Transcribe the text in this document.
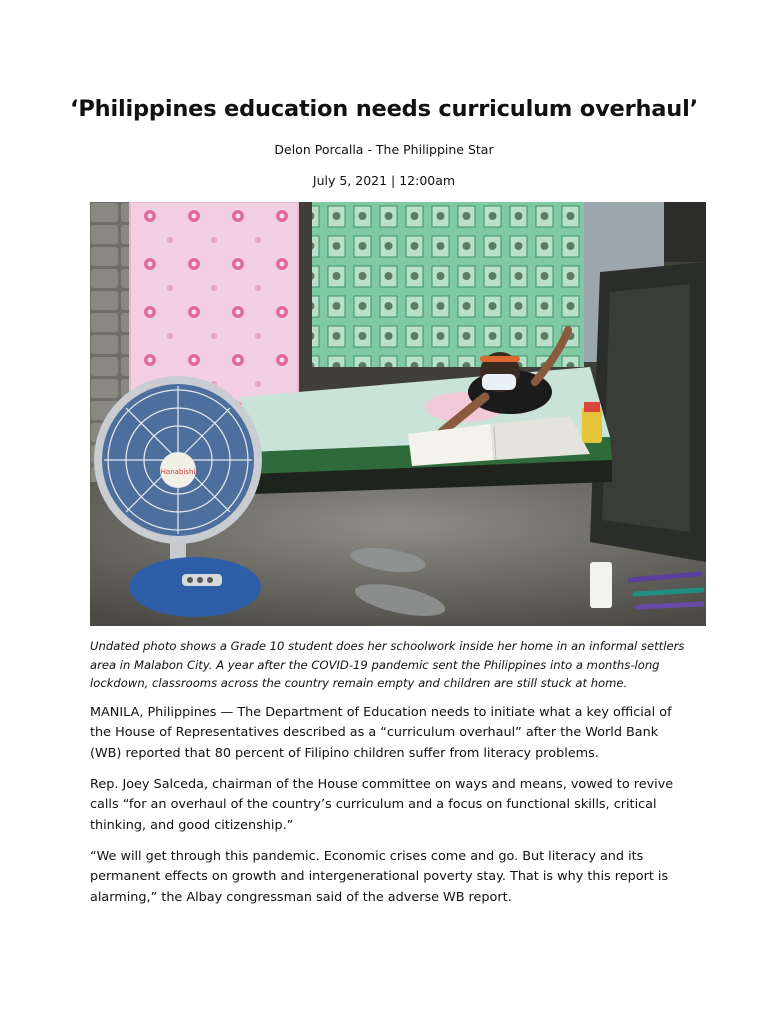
‘Philippines education needs curriculum overhaul’
Delon Porcalla - The Philippine Star
July 5, 2021 | 12:00am
Hanabishi

Undated photo shows a Grade 10 student does her schoolwork inside her home in an informal settlers area in Malabon City. A year after the COVID-19 pandemic sent the Philippines into a months-long lockdown, classrooms across the country remain empty and children are still stuck at home.

MANILA, Philippines — The Department of Education needs to initiate what a key official of the House of Representatives described as a “curriculum overhaul” after the World Bank (WB) reported that 80 percent of Filipino children suffer from literacy problems.

Rep. Joey Salceda, chairman of the House committee on ways and means, vowed to revive calls “for an overhaul of the country’s curriculum and a focus on functional skills, critical thinking, and good citizenship.”

“We will get through this pandemic. Economic crises come and go. But literacy and its permanent effects on growth and intergenerational poverty stay. That is why this report is alarming,” the Albay congressman said of the adverse WB report.
